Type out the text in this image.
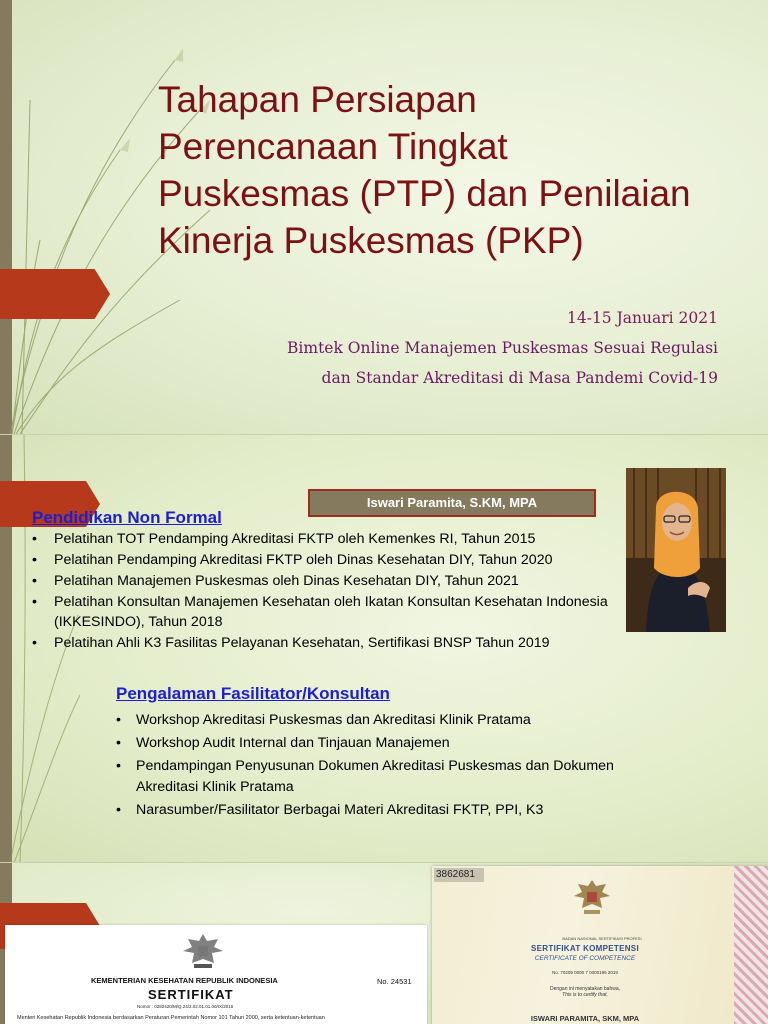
Tahapan Persiapan
Perencanaan Tingkat
Puskesmas (PTP) dan Penilaian
Kinerja Puskesmas (PKP)
14-15 Januari 2021
Bimtek Online Manajemen Puskesmas Sesuai Regulasi
dan Standar Akreditasi di Masa Pandemi Covid-19
Iswari Paramita, S.KM, MPA
Pendidikan Non Formal
• Pelatihan TOT Pendamping Akreditasi FKTP oleh Kemenkes RI, Tahun 2015
• Pelatihan Pendamping Akreditasi FKTP oleh Dinas Kesehatan DIY, Tahun 2020
• Pelatihan Manajemen Puskesmas oleh Dinas Kesehatan DIY, Tahun 2021
• Pelatihan Konsultan Manajemen Kesehatan oleh Ikatan Konsultan Kesehatan Indonesia (IKKESINDO), Tahun 2018
• Pelatihan Ahli K3 Fasilitas Pelayanan Kesehatan, Sertifikasi BNSP Tahun 2019
Pengalaman Fasilitator/Konsultan
• Workshop Akreditasi Puskesmas dan Akreditasi Klinik Pratama
• Workshop Audit Internal dan Tinjauan Manajemen
• Pendampingan Penyusunan Dokumen Akreditasi Puskesmas dan Dokumen Akreditasi Klinik Pratama
• Narasumber/Fasilitator Berbagai Materi Akreditasi FKTP, PPI, K3
3862681
BADAN NASIONAL SERTIFIKASI PROFESI
SERTIFIKAT KOMPETENSI
CERTIFICATE OF COMPETENCE
No. 70209 0000 7 0000195 2019
Dengan ini menyatakan bahwa,
This is to certify that,
ISWARI PARAMITA, SKM, MPA
KEMENTERIAN KESEHATAN REPUBLIK INDONESIA	No. 24531
SERTIFIKAT
Nomor : 0282420/M/Q.24/2.02.01.01.00/IX/2015
Menteri Kesehatan Republik Indonesia berdasarkan Peraturan Pemerintah Nomor 101 Tahun 2000, serta ketentuan-ketentuan
